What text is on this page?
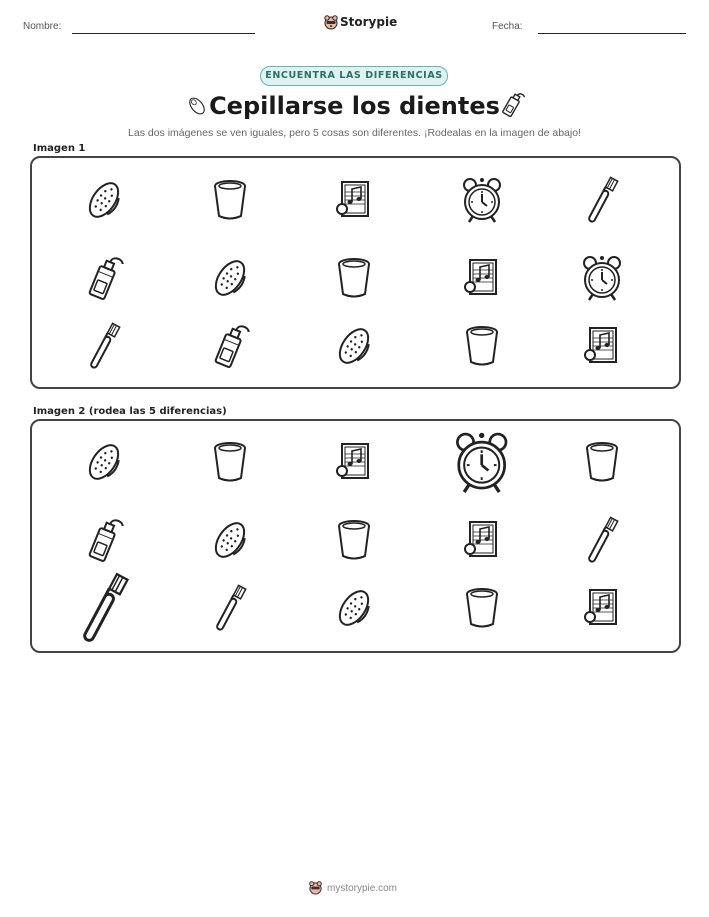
Nombre:	Storypie	Fecha:
ENCUENTRA LAS DIFERENCIAS
Cepillarse los dientes
Las dos imágenes se ven iguales, pero 5 cosas son diferentes. ¡Rodealas en la imagen de abajo!
Imagen 1
Imagen 2 (rodea las 5 diferencias)
mystorypie.com
